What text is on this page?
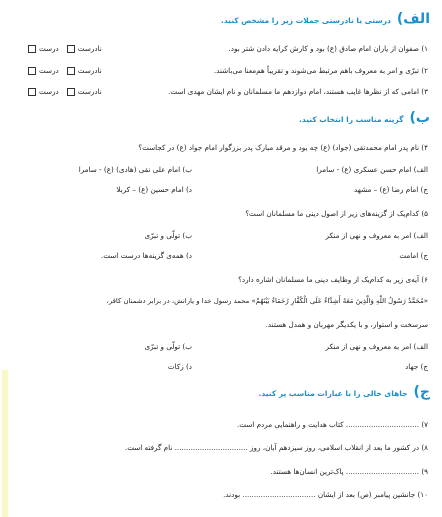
الف)
درستی یا نادرستی جملات زیر را مشخص کنید.
۱) صفوان از یاران امام صادق (ع) بود و کارش کرایه دادن شتر بود.
نادرست
درست
۲) تبرّی و امر به معروف باهم مرتبط می‌شوند و تقریباً هم‌معنا می‌باشند.
نادرست
درست
۳) امامی که از نظرها غایب هستند، امام دوازدهم ما مسلمانان و نام ایشان مهدی است.
نادرست
درست
ب)
گزینه مناسب را انتخاب کنید.
۴) نام پدر امام محمدتقی (جواد) (ع) چه بود و مرقد مبارک پدر بزرگوار امام جواد (ع) در کجاست؟
الف) امام حسن عسکری (ع) - سامرا
ب) امام علی نقی (هادی) (ع) - سامرا
ج) امام رضا (ع) – مشهد
د) امام حسین (ع) – کربلا
۵) کدام‌یک از گزینه‌های زیر از اصول دینی ما مسلمانان است؟
الف) امر به معروف و نهی از منکر
ب) تولّی و تبرّی
ج) امامت
د) همه‌ی گزینه‌ها درست است.
۶) آیه‌ی زیر به کدام‌یک از وظایف دینی ما مسلمانان اشاره دارد؟
«مُحَمَّدٌ رَسُولُ اللَّهِ وَالَّذِینَ مَعَهُ أَشِدَّاءُ عَلَی الْکُفَّارِ رُحَمَاءُ بَیْنَهُمْ» محمد رسول خدا و یارانش، در برابر دشمنان کافر،
سرسخت و استوار، و با یکدیگر مهربان و همدل هستند.
الف) امر به معروف و نهی از منکر
ب) تولّی و تبرّی
ج) جهاد
د) زکات
ج)
جاهای خالی را با عبارات مناسب پر کنید.
۷) ................................ کتاب هدایت و راهنمایی مردم است.
۸) در کشور ما بعد از انقلاب اسلامی، روز سیزدهم آبان، روز ................................ نام گرفته است.
۹) ................................ پاک‌ترین انسان‌ها هستند.
۱۰) جانشین پیامبر (ص) بعد از ایشان ................................ بودند.
